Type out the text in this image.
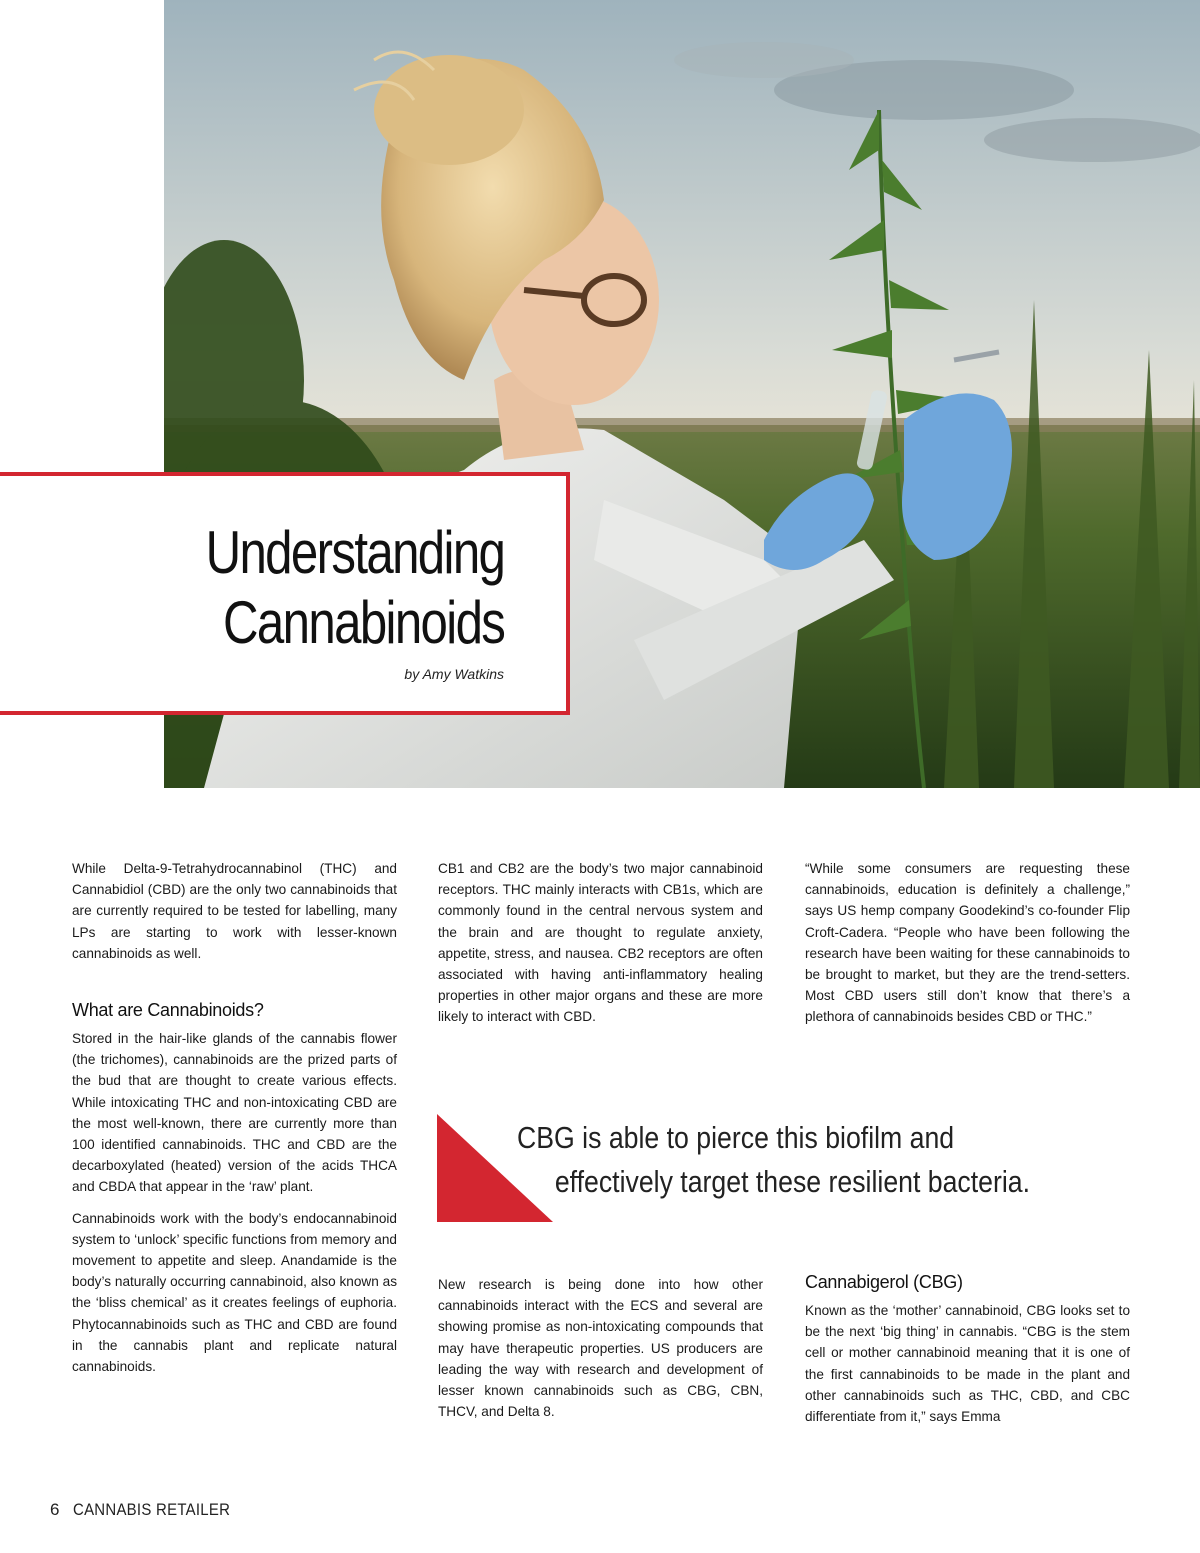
Understanding
Cannabinoids
by Amy Watkins

While Delta-9-Tetrahydrocannabinol (THC) and Cannabidiol (CBD) are the only two cannabinoids that are currently required to be tested for labelling, many LPs are starting to work with lesser-known cannabinoids as well.

What are Cannabinoids?

Stored in the hair-like glands of the cannabis flower (the trichomes), cannabinoids are the prized parts of the bud that are thought to create various effects. While intoxicating THC and non-intoxicating CBD are the most well-known, there are currently more than 100 identified cannabinoids. THC and CBD are the decarboxylated (heated) version of the acids THCA and CBDA that appear in the ‘raw’ plant.

Cannabinoids work with the body’s endocannabinoid system to ‘unlock’ specific functions from memory and movement to appetite and sleep. Anandamide is the body’s naturally occurring cannabinoid, also known as the ‘bliss chemical’ as it creates feelings of euphoria. Phytocannabinoids such as THC and CBD are found in the cannabis plant and replicate natural cannabinoids.

CB1 and CB2 are the body’s two major cannabinoid receptors. THC mainly interacts with CB1s, which are commonly found in the central nervous system and the brain and are thought to regulate anxiety, appetite, stress, and nausea. CB2 receptors are often associated with having anti-inflammatory healing properties in other major organs and these are more likely to interact with CBD.

New research is being done into how other cannabinoids interact with the ECS and several are showing promise as non-intoxicating compounds that may have therapeutic properties. US producers are leading the way with research and development of lesser known cannabinoids such as CBG, CBN, THCV, and Delta 8.

“While some consumers are requesting these cannabinoids, education is definitely a challenge,” says US hemp company Goodekind’s co-founder Flip Croft-Cadera. “People who have been following the research have been waiting for these cannabinoids to be brought to market, but they are the trend-setters. Most CBD users still don’t know that there’s a plethora of cannabinoids besides CBD or THC.”

Cannabigerol (CBG)

Known as the ‘mother’ cannabinoid, CBG looks set to be the next ‘big thing’ in cannabis. “CBG is the stem cell or mother cannabinoid meaning that it is one of the first cannabinoids to be made in the plant and other cannabinoids such as THC, CBD, and CBC differentiate from it,” says Emma

CBG is able to pierce this biofilm and
effectively target these resilient bacteria.

6 CANNABIS RETAILER
